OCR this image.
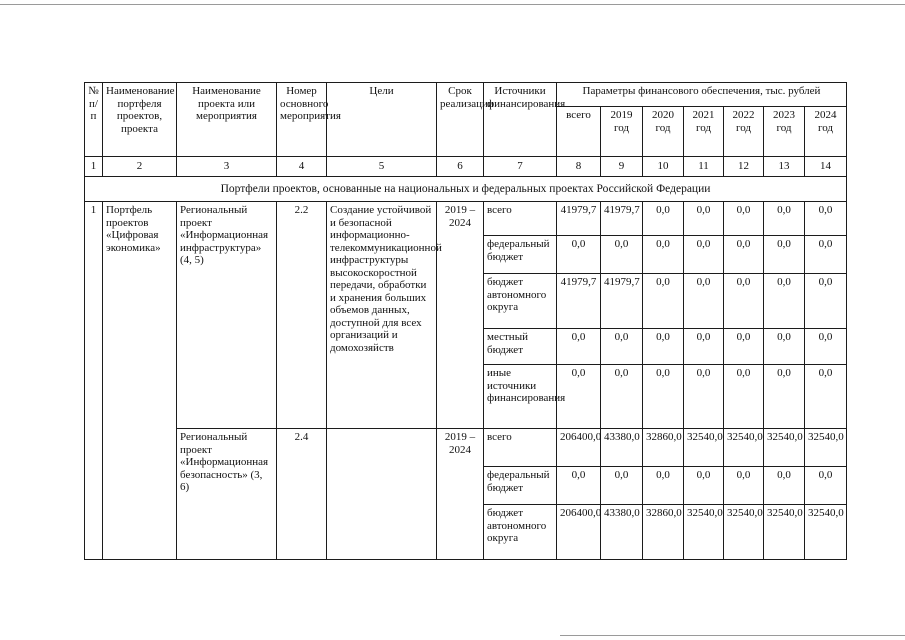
№ п/п	Наименование портфеля проектов, проекта	Наименование проекта или мероприятия	Номер основного мероприятия	Цели	Срок реализации	Источники финансирования	Параметры финансового обеспечения, тыс. рублей						
							всего	2019 год	2020 год	2021 год	2022 год	2023 год	2024 год
1	2	3	4	5	6	7	8	9	10	11	12	13	14
Портфели проектов, основанные на национальных и федеральных проектах Российской Федерации													
1	Портфель проектов «Цифровая экономика»	Региональный проект «Информационная инфраструктура» (4, 5)	2.2	Создание устойчивой и безопасной информационно-телекоммуникационной инфраструктуры высокоскоростной передачи, обработки и хранения больших объемов данных, доступной для всех организаций и домохозяйств	2019 – 2024	всего	41979,7	41979,7	0,0	0,0	0,0	0,0	0,0
						федеральный бюджет	0,0	0,0	0,0	0,0	0,0	0,0	0,0
						бюджет автономного округа	41979,7	41979,7	0,0	0,0	0,0	0,0	0,0
						местный бюджет	0,0	0,0	0,0	0,0	0,0	0,0	0,0
						иные источники финансирования	0,0	0,0	0,0	0,0	0,0	0,0	0,0
		Региональный проект «Информационная безопасность» (3, 6)	2.4		2019 – 2024	всего	206400,0	43380,0	32860,0	32540,0	32540,0	32540,0	32540,0
						федеральный бюджет	0,0	0,0	0,0	0,0	0,0	0,0	0,0
						бюджет автономного округа	206400,0	43380,0	32860,0	32540,0	32540,0	32540,0	32540,0
